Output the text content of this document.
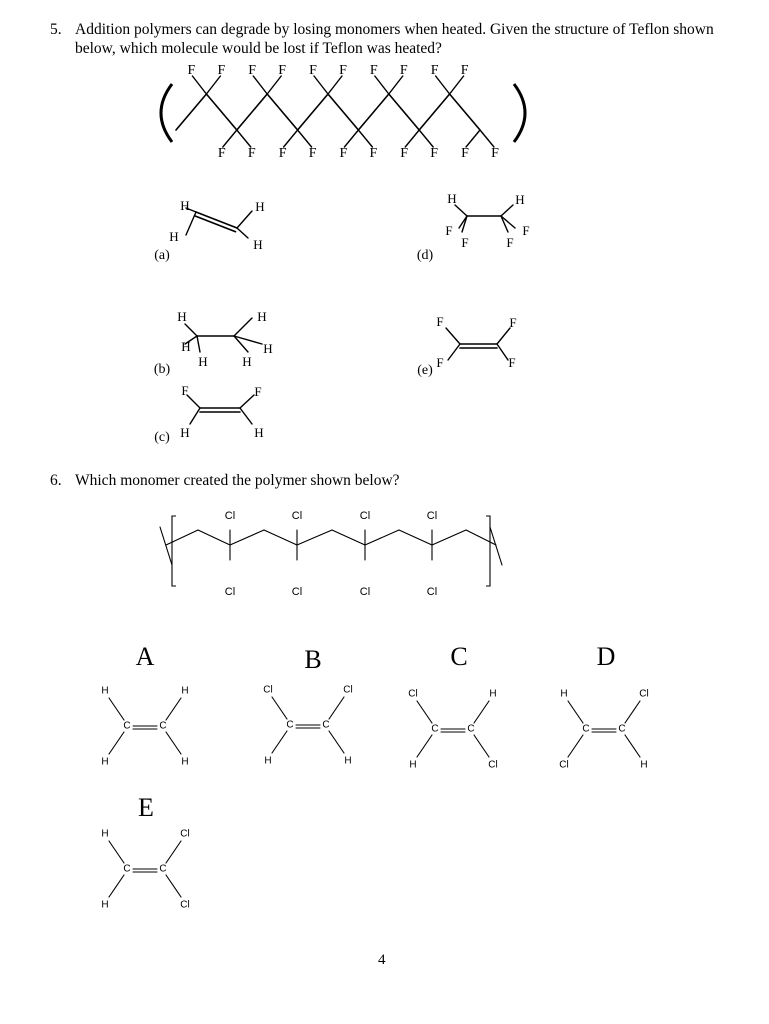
5. Addition polymers can degrade by losing monomers when heated. Given the structure of Teflon shown below, which molecule would be lost if Teflon was heated?
6. Which monomer created the polymer shown below?
F F
F F
F F
F F
F F
F F
F F
F F
F F
F F
H	H
H
H
(a)
H	H
H
H	H
H
(b)
F	F
H	H
(c)
H	H
F
F	F
F
(d)
F	F
F	F
(e)
Cl
Cl
Cl
Cl
Cl
Cl
Cl
Cl
A
C	C
H	H
H	H
B
C	C
Cl	Cl
H	H
C
C	C
Cl	H
H	Cl
D
C	C
H	Cl
Cl	H
E
C	C
H	Cl
H	Cl
4
